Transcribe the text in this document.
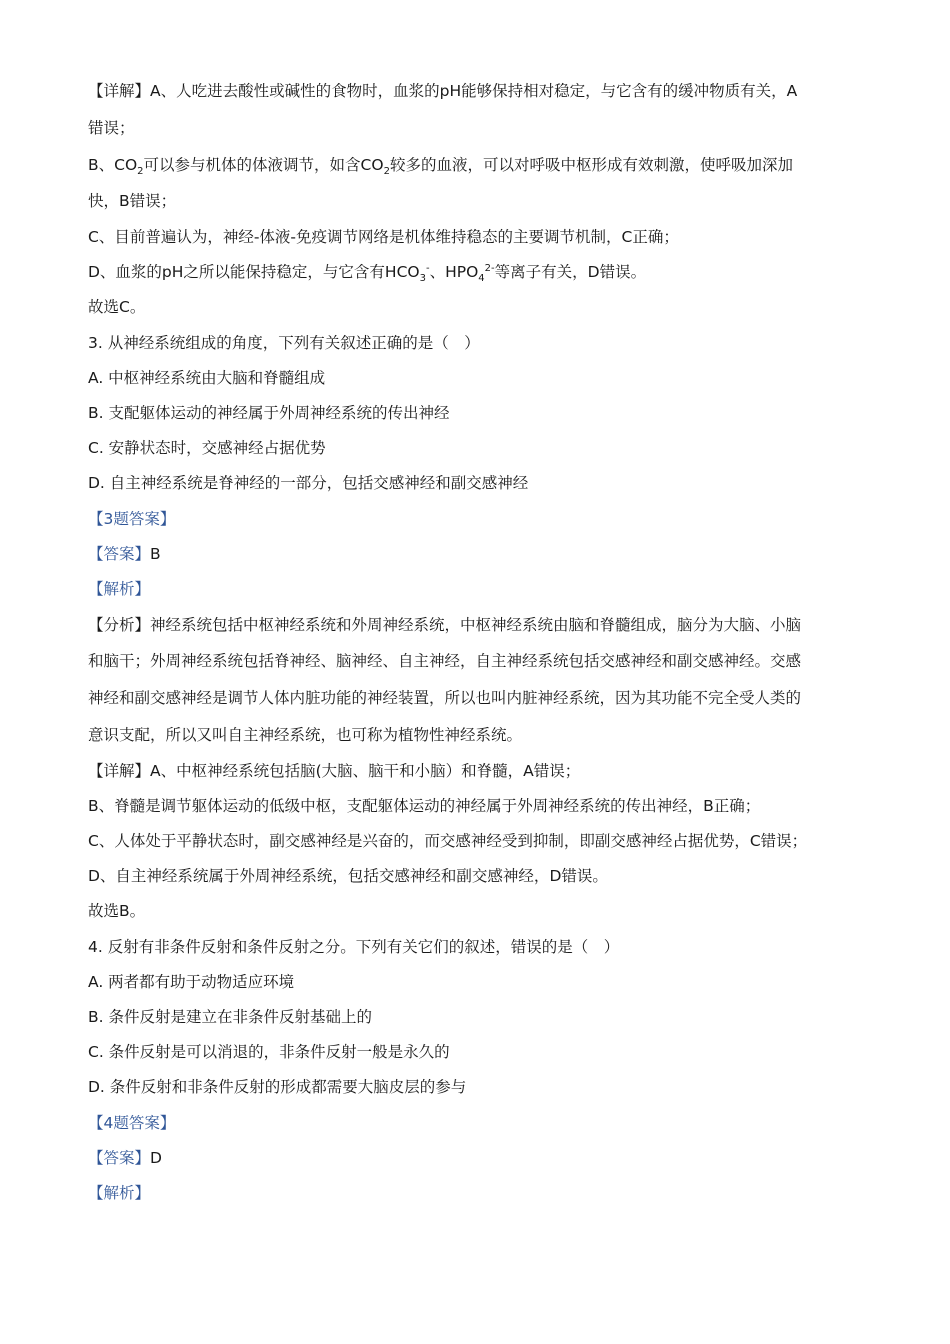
【详解】A、人吃进去酸性或碱性的食物时，血浆的pH能够保持相对稳定，与它含有的缓冲物质有关，A
错误；
B、$CO_2$可以参与机体的体液调节，如含$CO_2$较多的血液，可以对呼吸中枢形成有效刺激，使呼吸加深加
快，B错误；
C、目前普遍认为，神经-体液-免疫调节网络是机体维持稳态的主要调节机制，C正确；
D、血浆的pH之所以能保持稳定，与它含有$HCO_3^-$、$HPO_4^{2-}$等离子有关，D错误。
故选C。
3. 从神经系统组成的角度，下列有关叙述正确的是（　）
A. 中枢神经系统由大脑和脊髓组成
B. 支配躯体运动的神经属于外周神经系统的传出神经
C. 安静状态时，交感神经占据优势
D. 自主神经系统是脊神经的一部分，包括交感神经和副交感神经
【3题答案】
【答案】B
【解析】
【分析】神经系统包括中枢神经系统和外周神经系统，中枢神经系统由脑和脊髓组成，脑分为大脑、小脑
和脑干；外周神经系统包括脊神经、脑神经、自主神经，自主神经系统包括交感神经和副交感神经。交感
神经和副交感神经是调节人体内脏功能的神经装置，所以也叫内脏神经系统，因为其功能不完全受人类的
意识支配，所以又叫自主神经系统，也可称为植物性神经系统。
【详解】A、中枢神经系统包括脑(大脑、脑干和小脑）和脊髓，A错误；
B、脊髓是调节躯体运动的低级中枢，支配躯体运动的神经属于外周神经系统的传出神经，B正确；
C、人体处于平静状态时，副交感神经是兴奋的，而交感神经受到抑制，即副交感神经占据优势，C错误；
D、自主神经系统属于外周神经系统，包括交感神经和副交感神经，D错误。
故选B。
4. 反射有非条件反射和条件反射之分。下列有关它们的叙述，错误的是（　）
A. 两者都有助于动物适应环境
B. 条件反射是建立在非条件反射基础上的
C. 条件反射是可以消退的，非条件反射一般是永久的
D. 条件反射和非条件反射的形成都需要大脑皮层的参与
【4题答案】
【答案】D
【解析】
